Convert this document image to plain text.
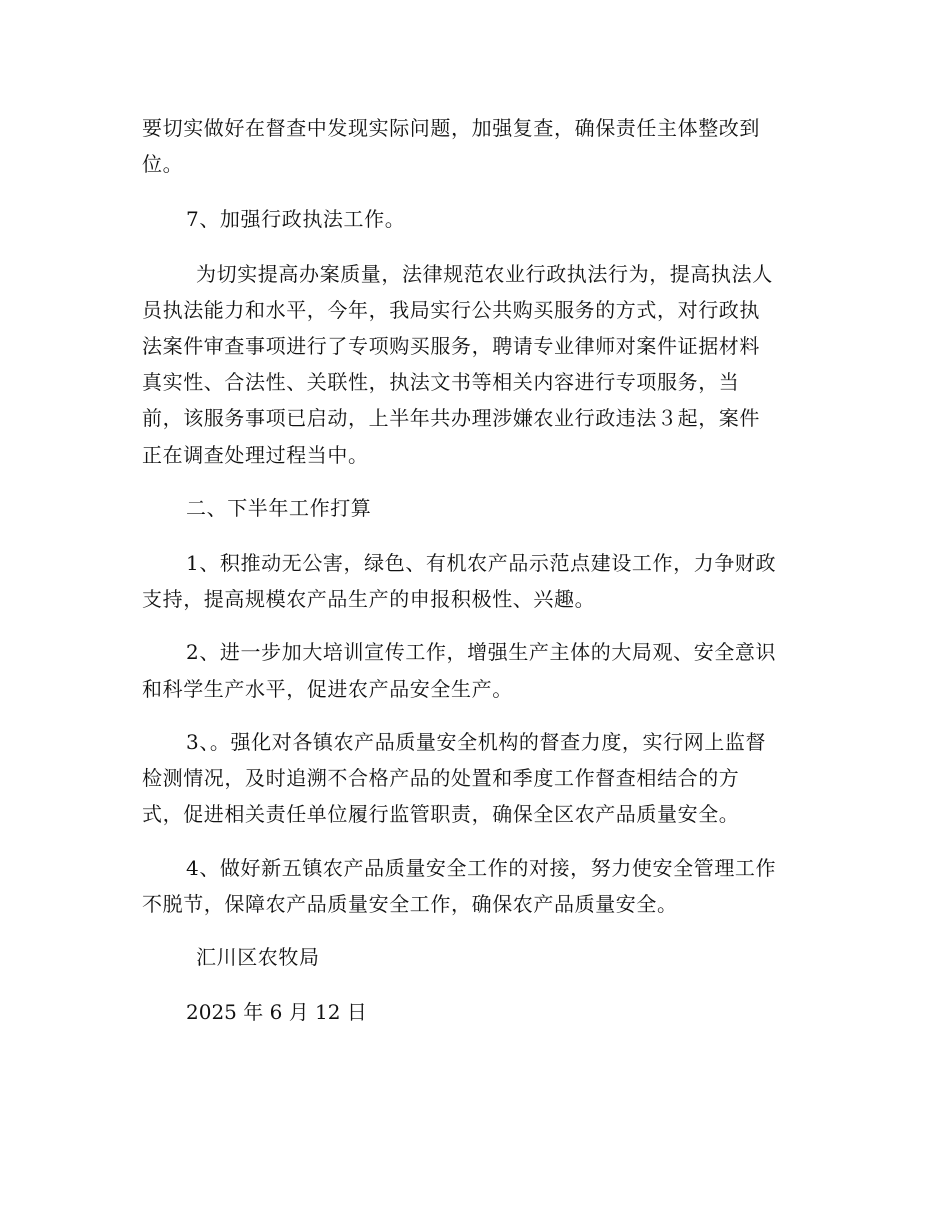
要切实做好在督查中发现实际问题，加强复查，确保责任主体整改到
位。
7、加强行政执法工作。
为切实提高办案质量，法律规范农业行政执法行为，提高执法人
员执法能力和水平，今年，我局实行公共购买服务的方式，对行政执
法案件审查事项进行了专项购买服务，聘请专业律师对案件证据材料
真实性、合法性、关联性，执法文书等相关内容进行专项服务，当
前，该服务事项已启动，上半年共办理涉嫌农业行政违法３起，案件
正在调查处理过程当中。
二、下半年工作打算
1、积推动无公害，绿色、有机农产品示范点建设工作，力争财政
支持，提高规模农产品生产的申报积极性、兴趣。
2、进一步加大培训宣传工作，增强生产主体的大局观、安全意识
和科学生产水平，促进农产品安全生产。
3、。强化对各镇农产品质量安全机构的督查力度，实行网上监督
检测情况，及时追溯不合格产品的处置和季度工作督查相结合的方
式，促进相关责任单位履行监管职责，确保全区农产品质量安全。
4、做好新五镇农产品质量安全工作的对接，努力使安全管理工作
不脱节，保障农产品质量安全工作，确保农产品质量安全。
汇川区农牧局
2025 年 6 月 12 日
